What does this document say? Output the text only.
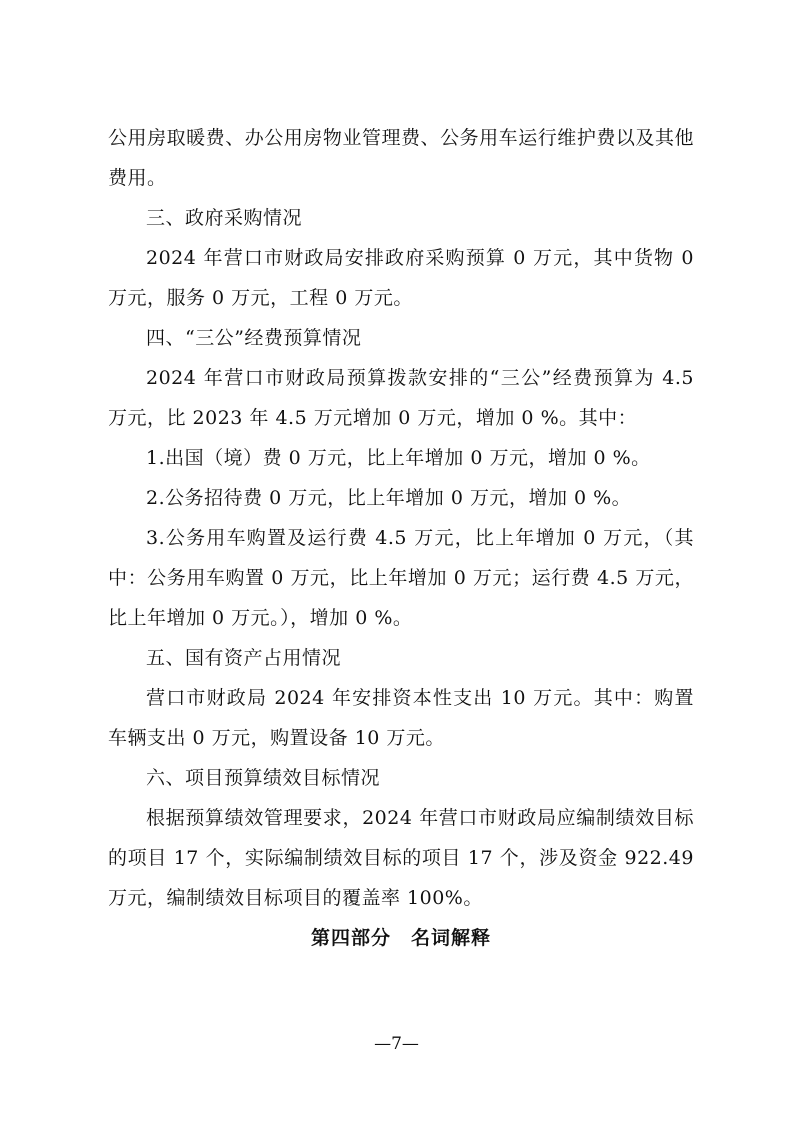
公用房取暖费、办公用房物业管理费、公务用车运行维护费以及其他费用。

三、政府采购情况

2024 年营口市财政局安排政府采购预算 0 万元，其中货物 0 万元，服务 0 万元，工程 0 万元。

四、“三公”经费预算情况

2024 年营口市财政局预算拨款安排的“三公”经费预算为 4.5 万元，比 2023 年 4.5 万元增加 0 万元，增加 0 %。其中：

1.出国（境）费 0 万元，比上年增加 0 万元，增加 0 %。

2.公务招待费 0 万元，比上年增加 0 万元，增加 0 %。

3.公务用车购置及运行费 4.5 万元，比上年增加 0 万元，（其中：公务用车购置 0 万元，比上年增加 0 万元；运行费 4.5 万元，比上年增加 0 万元。），增加 0 %。

五、国有资产占用情况

营口市财政局 2024 年安排资本性支出 10 万元。其中：购置车辆支出 0 万元，购置设备 10 万元。

六、项目预算绩效目标情况

根据预算绩效管理要求，2024 年营口市财政局应编制绩效目标的项目 17 个，实际编制绩效目标的项目 17 个，涉及资金 922.49 万元，编制绩效目标项目的覆盖率 100%。

第四部分　名词解释

—7—
